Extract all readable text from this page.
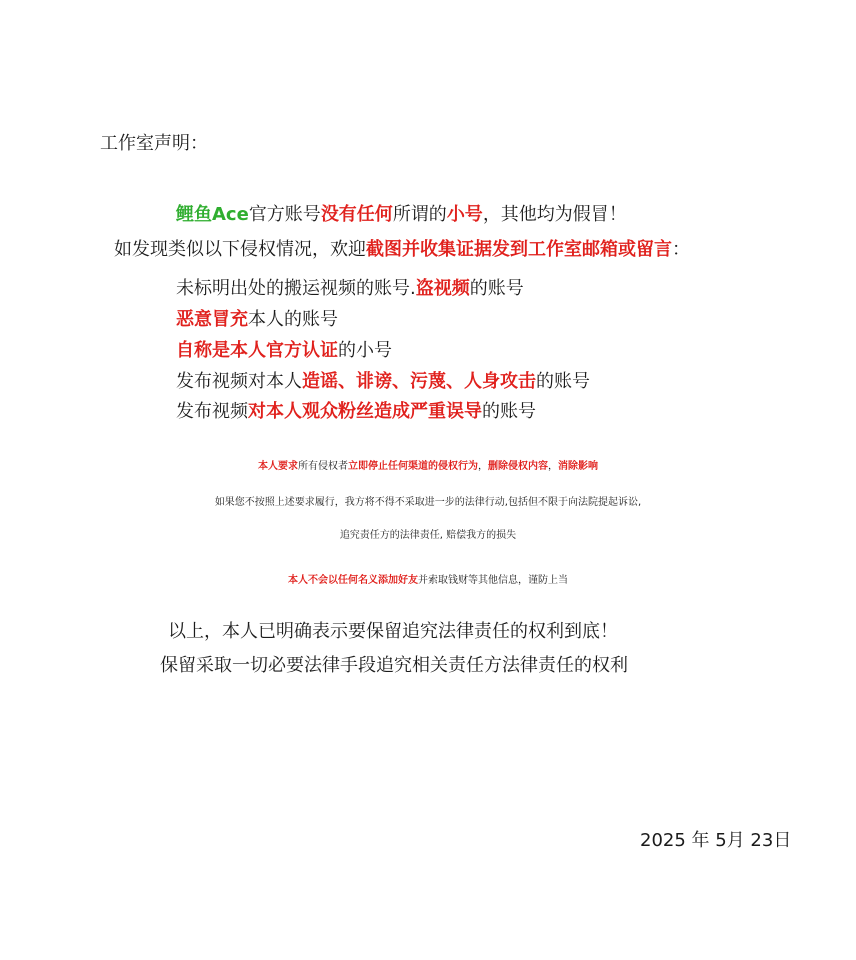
工作室声明：
鲤鱼Ace官方账号没有任何所谓的小号，其他均为假冒！
如发现类似以下侵权情况，欢迎截图并收集证据发到工作室邮箱或留言：
未标明出处的搬运视频的账号.盗视频的账号
恶意冒充本人的账号
自称是本人官方认证的小号
发布视频对本人造谣、诽谤、污蔑、人身攻击的账号
发布视频对本人观众粉丝造成严重误导的账号
本人要求所有侵权者立即停止任何渠道的侵权行为，删除侵权内容，消除影响
如果您不按照上述要求履行，我方将不得不采取进一步的法律行动,包括但不限于向法院提起诉讼,
追究责任方的法律责任, 赔偿我方的损失
本人不会以任何名义添加好友并索取钱财等其他信息，谨防上当
以上，本人已明确表示要保留追究法律责任的权利到底！
保留采取一切必要法律手段追究相关责任方法律责任的权利
2025 年 5月 23日
